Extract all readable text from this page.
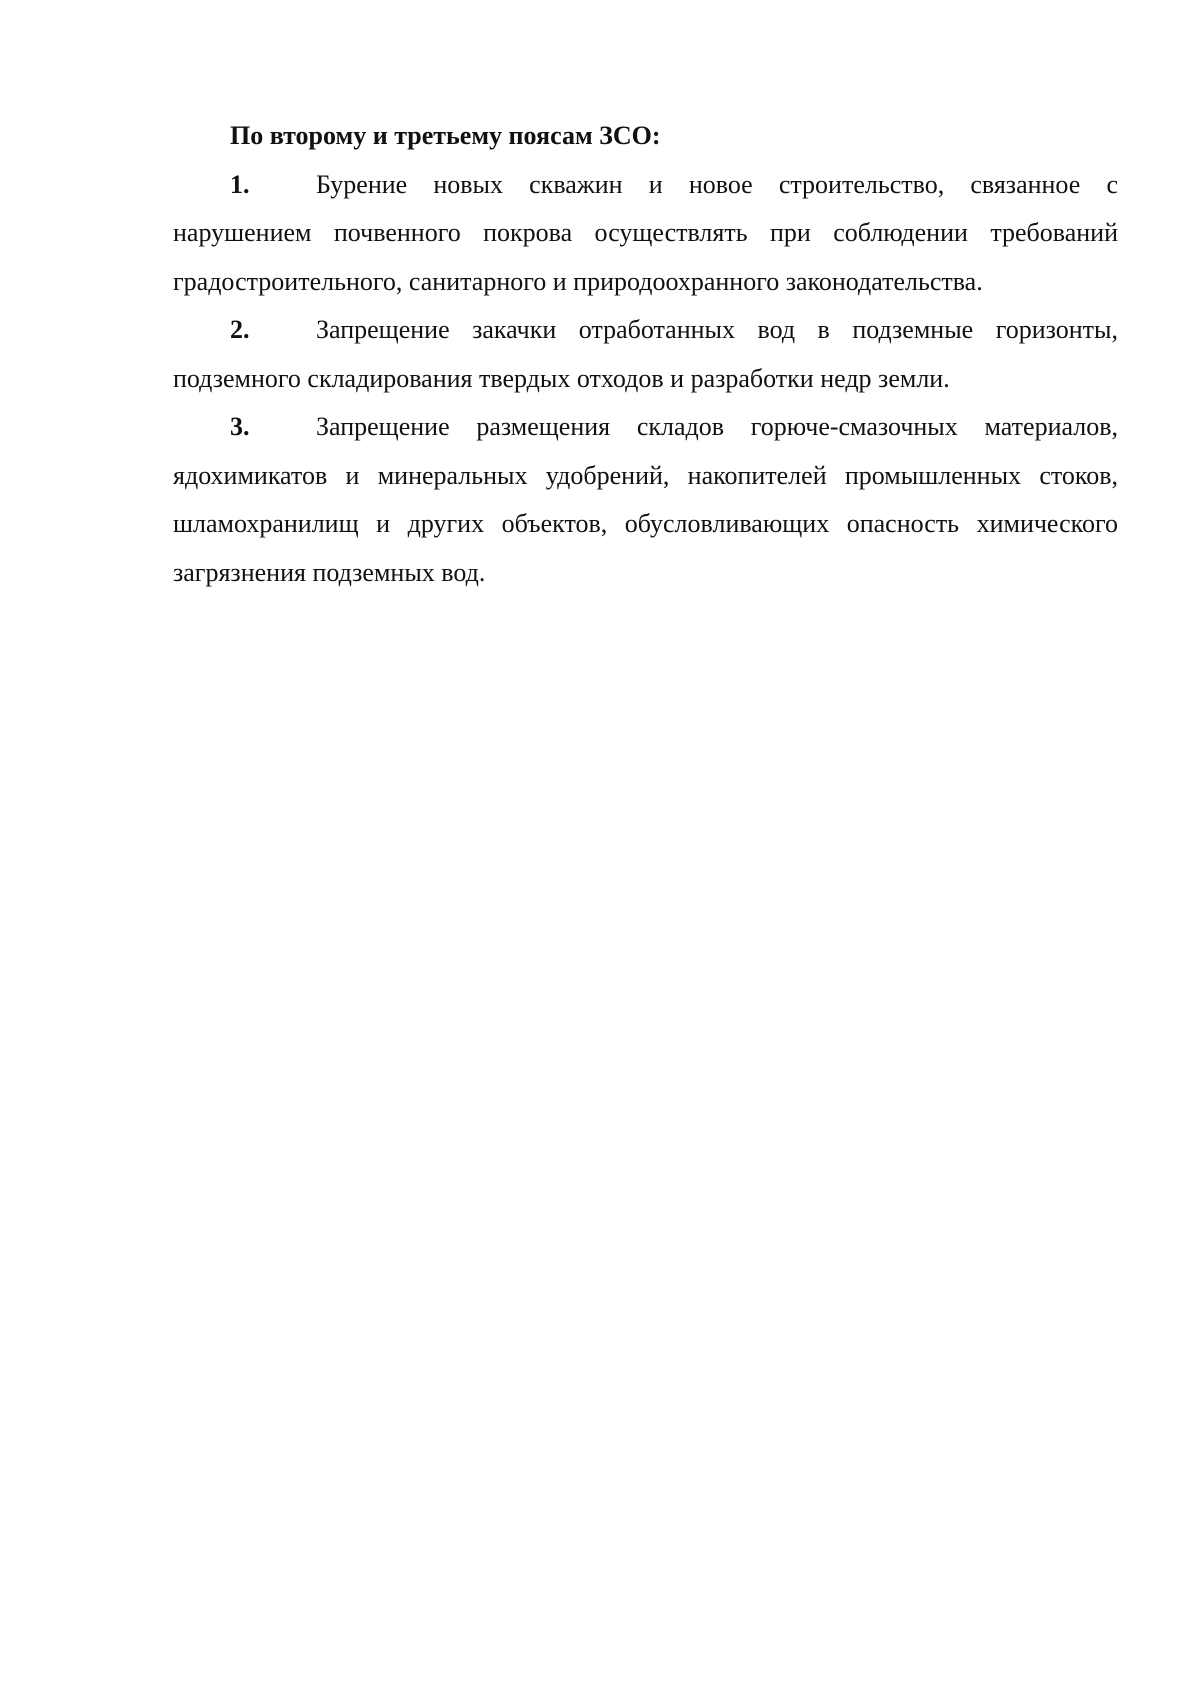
По второму и третьему поясам ЗСО:

1.	Бурение новых скважин и новое строительство, связанное с нарушением почвенного покрова осуществлять при соблюдении требований градостроительного, санитарного и природоохранного законодательства.

2.	Запрещение закачки отработанных вод в подземные горизонты, подземного складирования твердых отходов и разработки недр земли.

3.	Запрещение размещения складов горюче-смазочных материалов, ядохимикатов и минеральных удобрений, накопителей промышленных стоков, шламохранилищ и других объектов, обусловливающих опасность химического загрязнения подземных вод.
